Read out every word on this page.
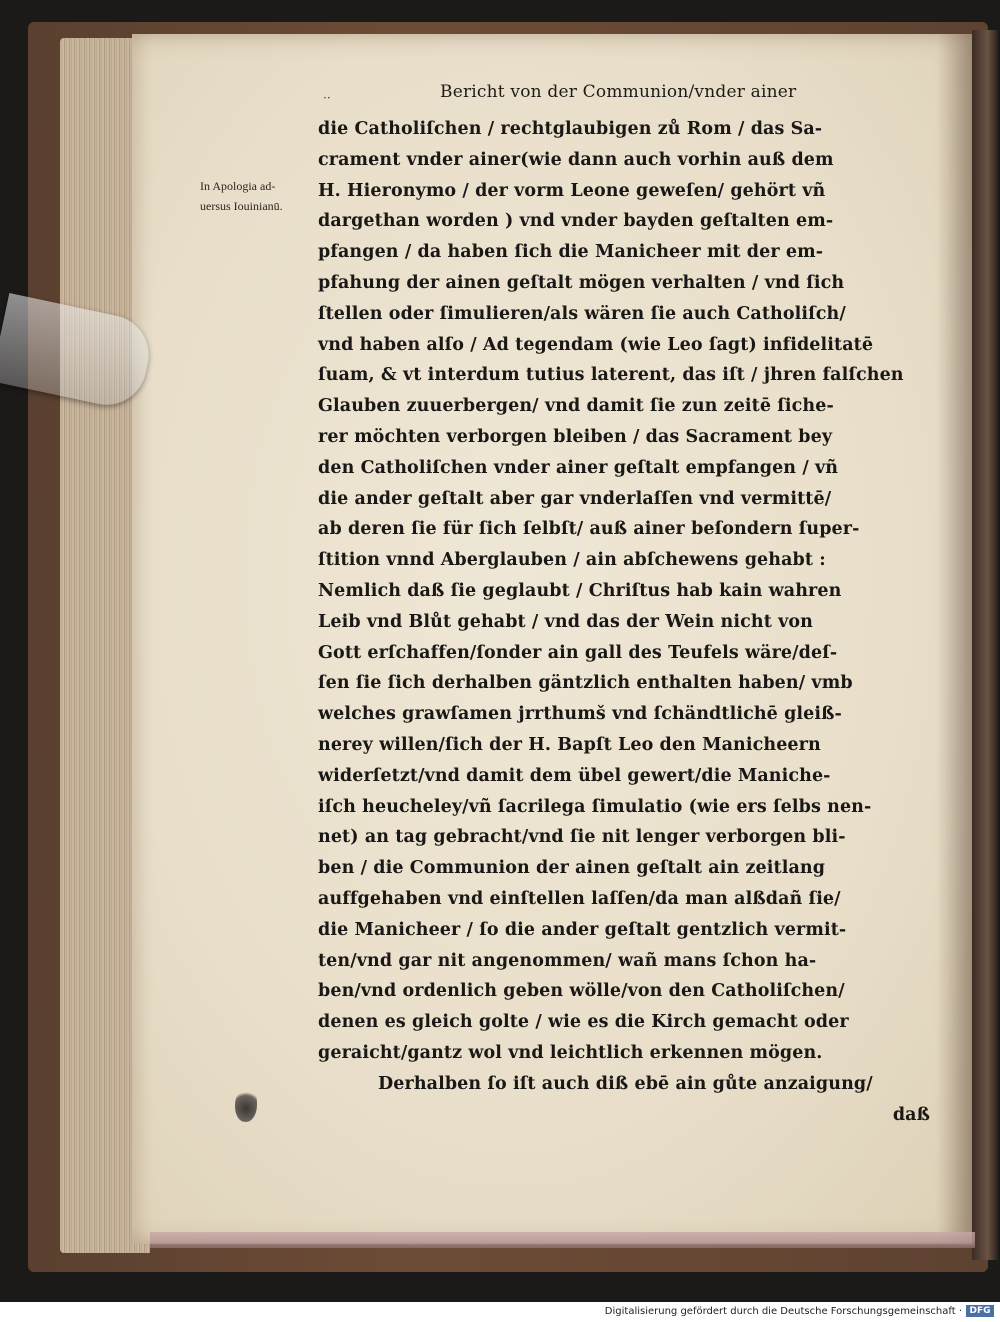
··	Bericht von der Communion/vnder ainer
In Apologia ad-
uersus Iouinianū.
die Catholiſchen / rechtglaubigen zů Rom / das Sa-
crament vnder ainer(wie dann auch vorhin auß dem
H. Hieronymo / der vorm Leone geweſen/ gehört vñ
dargethan worden ) vnd vnder bayden geſtalten em-
pfangen / da haben ſich die Manicheer mit der em-
pfahung der ainen geſtalt mögen verhalten / vnd ſich
ſtellen oder ſimulieren/als wären ſie auch Catholiſch/
vnd haben alſo / Ad tegendam (wie Leo ſagt) infidelitatē
ſuam, & vt interdum tutius laterent, das iſt / jhren falſchen
Glauben zuuerbergen/ vnd damit ſie zun zeitē ſiche-
rer möchten verborgen bleiben / das Sacrament bey
den Catholiſchen vnder ainer geſtalt empfangen / vñ
die ander geſtalt aber gar vnderlaſſen vnd vermittē/
ab deren ſie für ſich ſelbſt/ auß ainer beſondern ſuper-
ſtition vnnd Aberglauben / ain abſchewens gehabt :
Nemlich daß ſie geglaubt / Chriſtus hab kain wahren
Leib vnd Blůt gehabt / vnd das der Wein nicht von
Gott erſchaffen/ſonder ain gall des Teufels wäre/deſ-
ſen ſie ſich derhalben gäntzlich enthalten haben/ vmb
welches grawſamen jrrthumš vnd ſchändtlichē gleiß-
nerey willen/ſich der H. Bapſt Leo den Manicheern
widerſetzt/vnd damit dem übel gewert/die Maniche-
iſch heucheley/vñ ſacrilega ſimulatio (wie ers ſelbs nen-
net) an tag gebracht/vnd ſie nit lenger verborgen bli-
ben / die Communion der ainen geſtalt ain zeitlang
auffgehaben vnd einſtellen laſſen/da man alßdañ ſie/
die Manicheer / ſo die ander geſtalt gentzlich vermit-
ten/vnd gar nit angenommen/ wañ mans ſchon ha-
ben/vnd ordenlich geben wölle/von den Catholiſchen/
denen es gleich golte / wie es die Kirch gemacht oder
geraicht/gantz wol vnd leichtlich erkennen mögen.
Derhalben ſo iſt auch diß ebē ain gůte anzaigung/
daß
Digitalisierung gefördert durch die Deutsche Forschungsgemeinschaft · DFG
